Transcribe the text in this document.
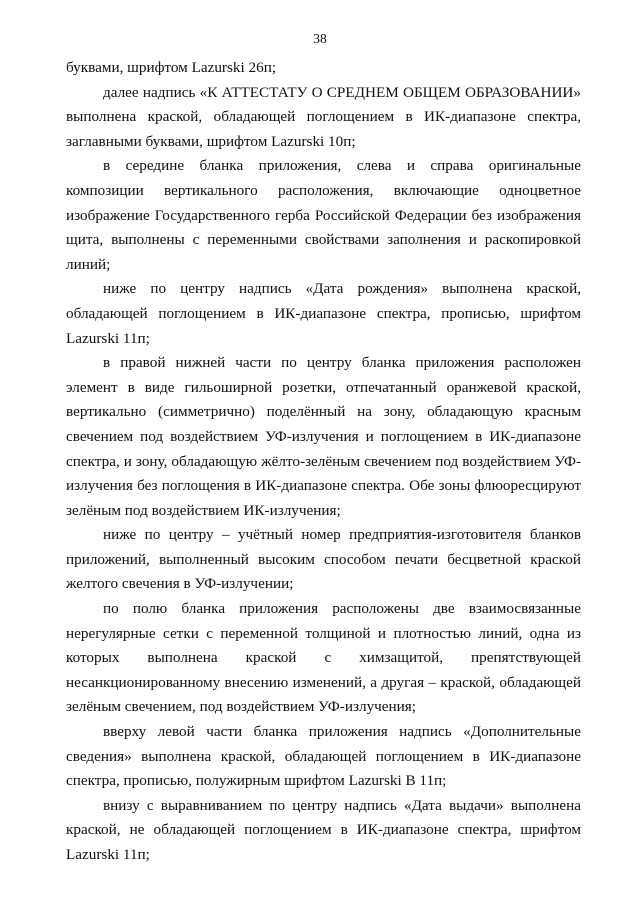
38

буквами, шрифтом Lazurski 26п;

далее надпись «К АТТЕСТАТУ О СРЕДНЕМ ОБЩЕМ ОБРАЗОВАНИИ» выполнена краской, обладающей поглощением в ИК-диапазоне спектра, заглавными буквами, шрифтом Lazurski 10п;

в середине бланка приложения, слева и справа оригинальные композиции вертикального расположения, включающие одноцветное изображение Государственного герба Российской Федерации без изображения щита, выполнены с переменными свойствами заполнения и раскопировкой линий;

ниже по центру надпись «Дата рождения» выполнена краской, обладающей поглощением в ИК-диапазоне спектра, прописью, шрифтом Lazurski 11п;

в правой нижней части по центру бланка приложения расположен элемент в виде гильоширной розетки, отпечатанный оранжевой краской, вертикально (симметрично) поделённый на зону, обладающую красным свечением под воздействием УФ-излучения и поглощением в ИК-диапазоне спектра, и зону, обладающую жёлто-зелёным свечением под воздействием УФ-излучения без поглощения в ИК-диапазоне спектра. Обе зоны флюоресцируют зелёным под воздействием ИК-излучения;

ниже по центру – учётный номер предприятия-изготовителя бланков приложений, выполненный высоким способом печати бесцветной краской желтого свечения в УФ-излучении;

по полю бланка приложения расположены две взаимосвязанные нерегулярные сетки с переменной толщиной и плотностью линий, одна из которых выполнена краской с химзащитой, препятствующей несанкционированному внесению изменений, а другая – краской, обладающей зелёным свечением, под воздействием УФ-излучения;

вверху левой части бланка приложения надпись «Дополнительные сведения» выполнена краской, обладающей поглощением в ИК-диапазоне спектра, прописью, полужирным шрифтом Lazurski B 11п;

внизу с выравниванием по центру надпись «Дата выдачи» выполнена краской, не обладающей поглощением в ИК-диапазоне спектра, шрифтом Lazurski 11п;
